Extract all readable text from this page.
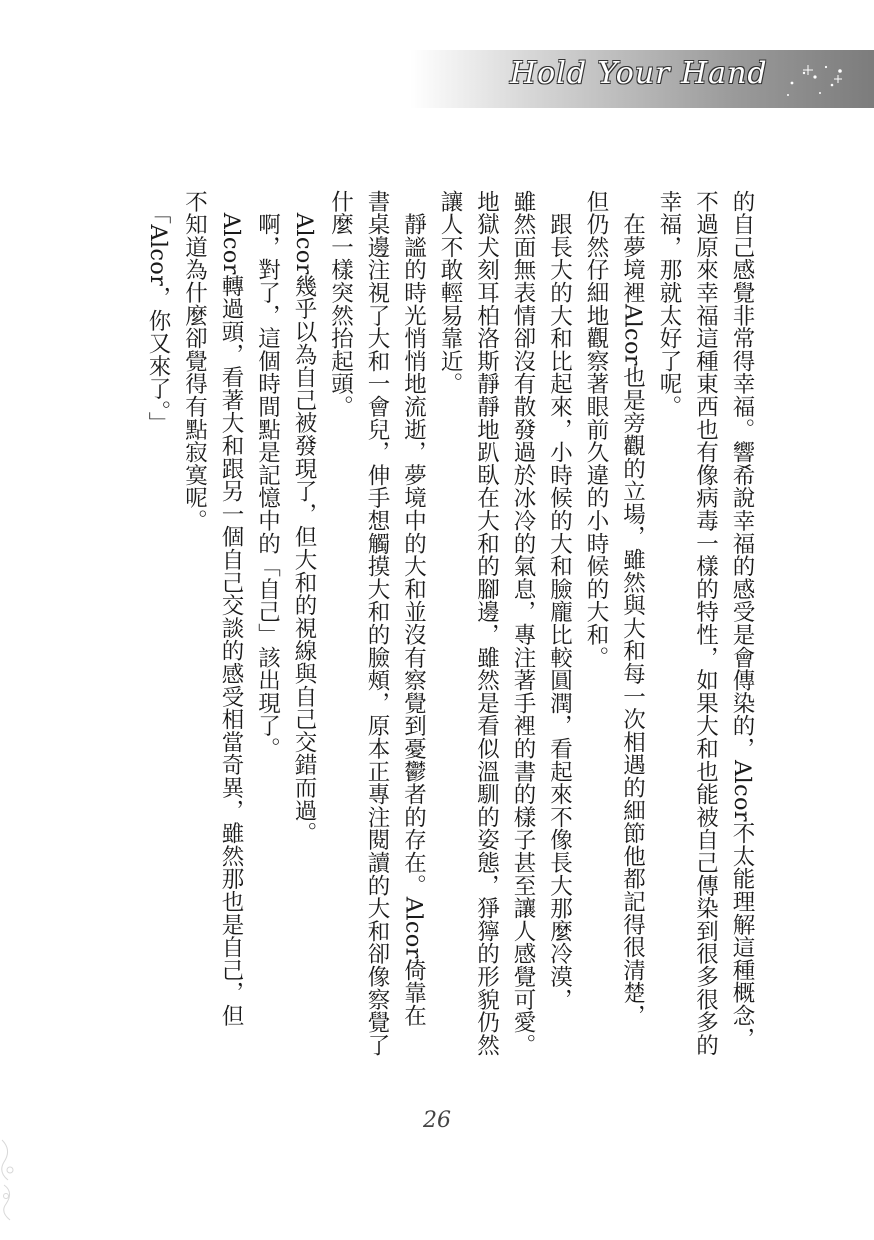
Hold Your Hand

的自己感覺非常得幸福。響希說幸福的感受是會傳染的，Alcor不太能理解這種概念，

不過原來幸福這種東西也有像病毒一樣的特性，如果大和也能被自己傳染到很多很多的

幸福，那就太好了呢。

　在夢境裡Alcor也是旁觀的立場，雖然與大和每一次相遇的細節他都記得很清楚，

但仍然仔細地觀察著眼前久違的小時候的大和。

　跟長大的大和比起來，小時候的大和臉龐比較圓潤，看起來不像長大那麼冷漠，

雖然面無表情卻沒有散發過於冰冷的氣息，專注著手裡的書的樣子甚至讓人感覺可愛。

地獄犬刻耳柏洛斯靜靜地趴臥在大和的腳邊，雖然是看似溫馴的姿態，猙獰的形貌仍然

讓人不敢輕易靠近。

　靜謐的時光悄悄地流逝，夢境中的大和並沒有察覺到憂鬱者的存在。Alcor倚靠在

書桌邊注視了大和一會兒，伸手想觸摸大和的臉頰，原本正專注閱讀的大和卻像察覺了

什麼一樣突然抬起頭。

　Alcor幾乎以為自己被發現了，但大和的視線與自己交錯而過。

　啊，對了，這個時間點是記憶中的「自己」該出現了。

　Alcor轉過頭，看著大和跟另一個自己交談的感受相當奇異，雖然那也是自己，但

不知道為什麼卻覺得有點寂寞呢。

　「Alcor，你又來了。」

26
